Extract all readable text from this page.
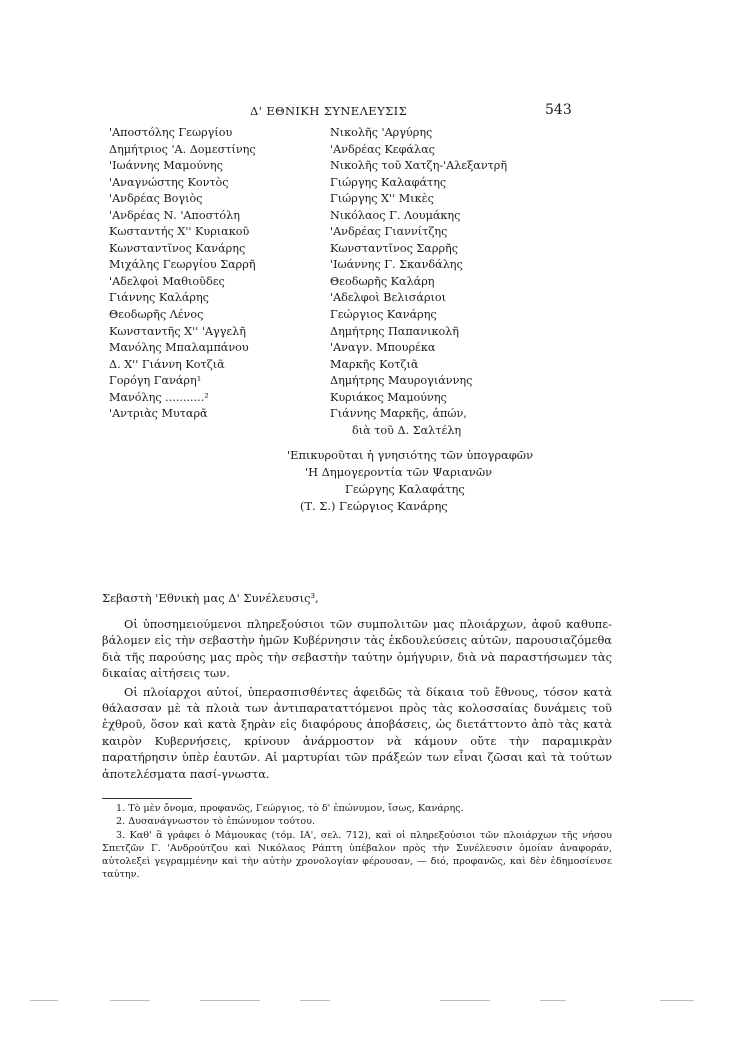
Δ' ΕΘΝΙΚΗ ΣΥΝΕΛΕΥΣΙΣ	543
'Αποστόλης Γεωργίου
Δημήτριος 'Α. Δομεστίνης
'Ιωάννης Μαμούνης
'Αναγνώστης Κοντὸς
'Ανδρέας Βογιὸς
'Ανδρέας Ν. 'Αποστόλη
Κωσταντής Χ'' Κυριακοῦ
Κωνσταντῖνος Κανάρης
Μιχάλης Γεωργίου Σαρρῆ
'Αδελφοὶ Μαθιοῦδες
Γιάννης Καλάρης
Θεοδωρῆς Λένος
Κωνσταντῆς Χ'' 'Αγγελῆ
Μανόλης Μπαλαμπάνου
Δ. Χ'' Γιάννη Κοτζιᾶ
Γορόγη Γανάρη¹
Μανόλης ...........²
'Αντριὰς Μυταρᾶ
Νικολῆς 'Αργύρης
'Ανδρέας Κεφάλας
Νικολῆς τοῦ Χατζη-'Αλεξαντρῆ
Γιώργης Καλαφάτης
Γιώργης Χ'' Μικὲς
Νικόλαος Γ. Λουμάκης
'Ανδρέας Γιαννίτζης
Κωνσταντῖνος Σαρρῆς
'Ιωάννης Γ. Σκανδάλης
Θεοδωρῆς Καλάρη
'Αδελφοὶ Βελισάριοι
Γεώργιος Κανάρης
Δημήτρης Παπανικολῆ
'Αναγν. Μπουρέκα
Μαρκῆς Κοτζιᾶ
Δημήτρης Μαυρογιάννης
Κυριάκος Μαμούνης
Γιάννης Μαρκῆς, ἀπών,
διὰ τοῦ Δ. Σαλτέλη
'Επικυροῦται ἡ γνησιότης τῶν ὑπογραφῶν
'Η Δημογεροντία τῶν Ψαριανῶν
Γεώργης Καλαφάτης
(Τ. Σ.) Γεώργιος Κανάρης
Σεβαστὴ 'Εθνικὴ μας Δ' Συνέλευσις³,

Οἱ ὑποσημειούμενοι πληρεξούσιοι τῶν συμπολιτῶν μας πλοιάρχων, ἀφοῦ καθυπε-βάλομεν εἰς τὴν σεβαστὴν ἡμῶν Κυβέρνησιν τὰς ἐκδουλεύσεις αὐτῶν, παρουσιαζόμεθα διὰ τῆς παρούσης μας πρὸς τὴν σεβαστὴν ταύτην ὁμήγυριν, διὰ νὰ παραστήσωμεν τὰς δικαίας αἰτήσεις των.

Οἱ πλοίαρχοι αὐτοί, ὑπερασπισθέντες ἀφειδῶς τὰ δίκαια τοῦ ἔθνους, τόσον κατὰ θάλασσαν μὲ τὰ πλοιὰ των ἀντιπαραταττόμενοι πρὸς τὰς κολοσσαίας δυνάμεις τοῦ ἐχθροῦ, ὅσον καὶ κατὰ ξηρὰν εἰς διαφόρους ἀποβάσεις, ὡς διετάττοντο ἀπὸ τὰς κατὰ καιρὸν Κυβερνήσεις, κρίνουν ἀνάρμοστον νὰ κάμουν οὔτε τὴν παραμικρὰν παρατήρησιν ὑπὲρ ἑαυτῶν. Αἱ μαρτυρίαι τῶν πράξεών των εἶναι ζῶσαι καὶ τὰ τούτων ἀποτελέσματα πασί-γνωστα.

1. Τὸ μὲν ὄνομα, προφανῶς, Γεώργιος, τὸ δ' ἐπώνυμον, ἴσως, Κανάρης.

2. Δυσανάγνωστον τὸ ἐπώνυμον τούτου.

3. Καθ' ἃ γράφει ὁ Μάμουκας (τόμ. ΙΑ', σελ. 712), καὶ οἱ πληρεξούσιοι τῶν πλοιάρχων τῆς νήσου Σπετζῶν Γ. 'Ανδρούτζου καὶ Νικόλαος Ράπτη ὑπέβαλον πρὸς τὴν Συνέλευσιν ὁμοίαν ἀναφοράν, αὐτολεξεὶ γεγραμμένην καὶ τὴν αὐτὴν χρονολογίαν φέρουσαν, — διό, προφανῶς, καὶ δὲν ἐδημοσίευσε ταύτην.
